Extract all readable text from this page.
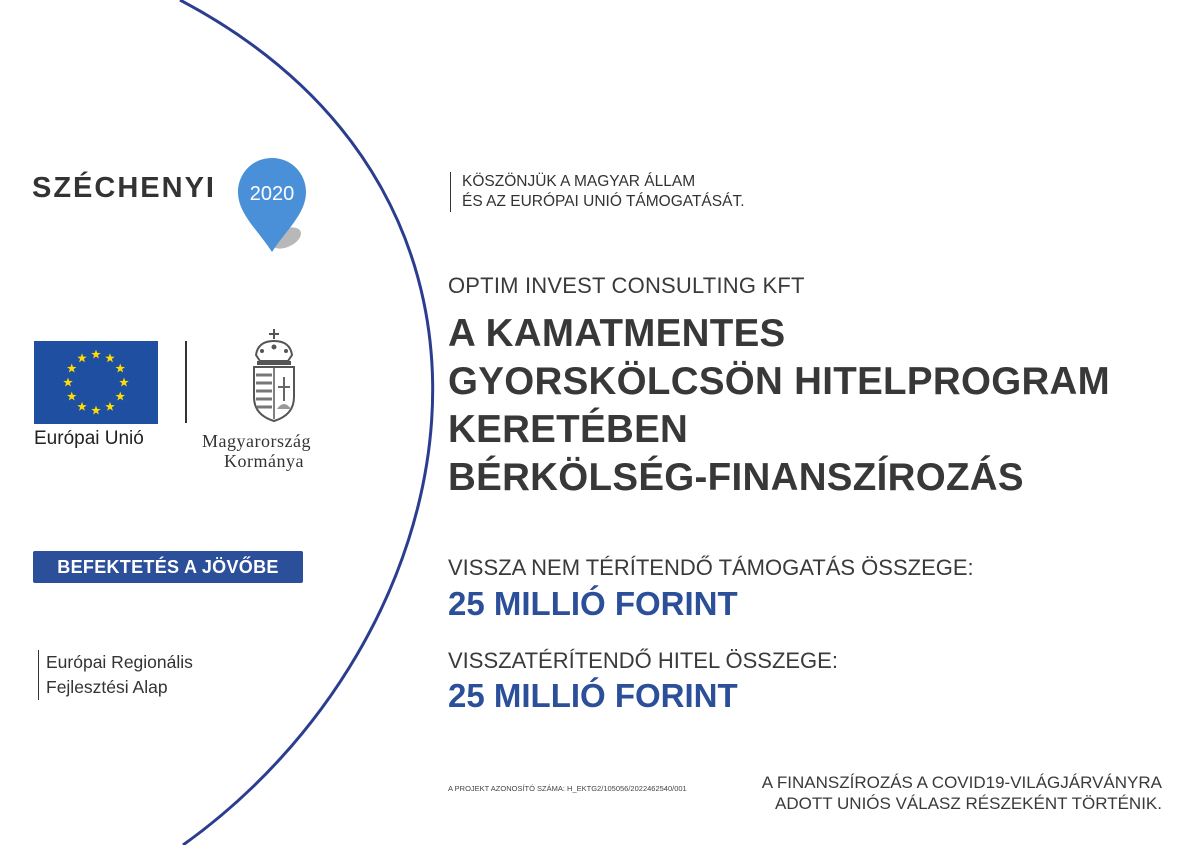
SZÉCHENYI 2020
Európai Unió	Magyarország
Kormánya
BEFEKTETÉS A JÖVŐBE
Európai Regionális
Fejlesztési Alap
KÖSZÖNJÜK A MAGYAR ÁLLAM
ÉS AZ EURÓPAI UNIÓ TÁMOGATÁSÁT.
OPTIM INVEST CONSULTING KFT
A KAMATMENTES
GYORSKÖLCSÖN HITELPROGRAM
KERETÉBEN
BÉRKÖLSÉG-FINANSZÍROZÁS
VISSZA NEM TÉRÍTENDŐ TÁMOGATÁS ÖSSZEGE:
25 MILLIÓ FORINT
VISSZATÉRÍTENDŐ HITEL ÖSSZEGE:
25 MILLIÓ FORINT
A PROJEKT AZONOSÍTÓ SZÁMA: H_EKTG2/105056/2022462540/001	A FINANSZÍROZÁS A COVID19-VILÁGJÁRVÁNYRA
ADOTT UNIÓS VÁLASZ RÉSZEKÉNT TÖRTÉNIK.
